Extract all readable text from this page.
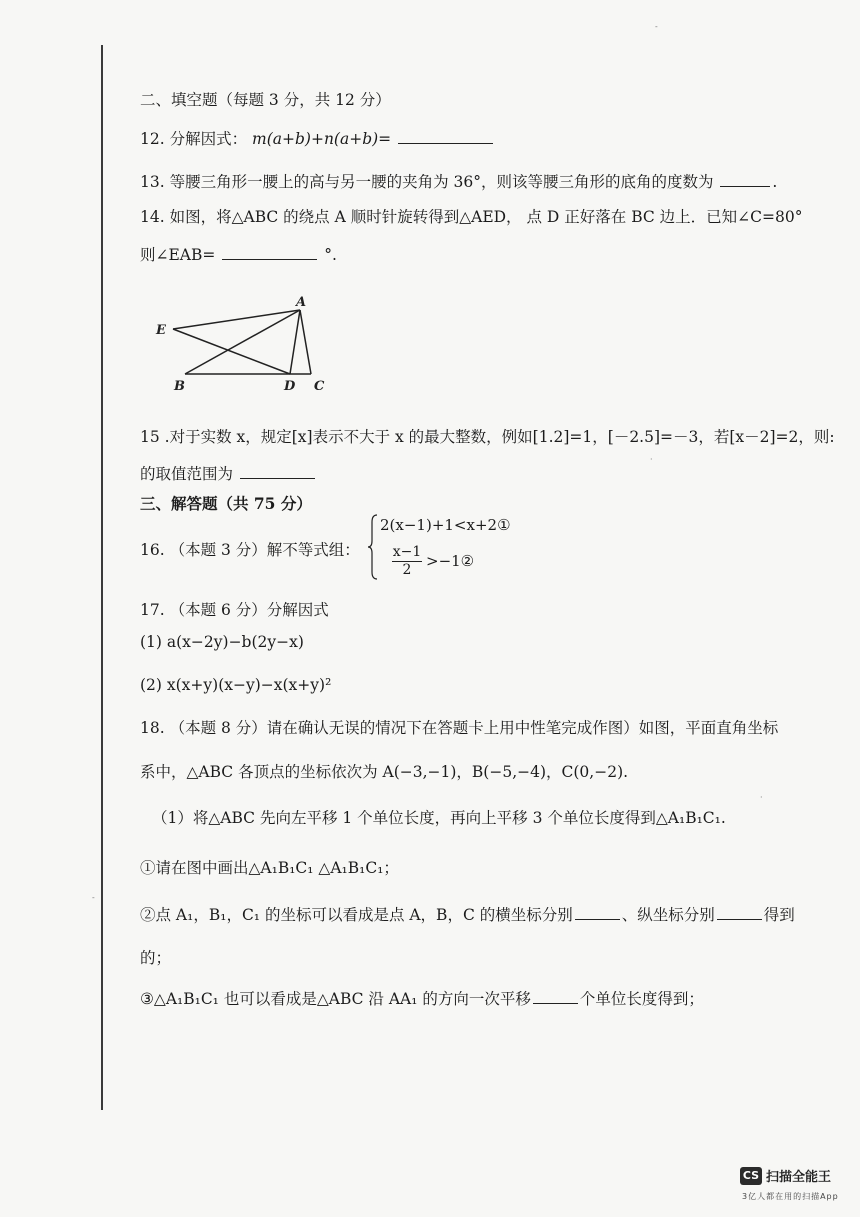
二、填空题（每题 3 分，共 12 分）
12. 分解因式： m(a+b)+n(a+b)=
13. 等腰三角形一腰上的高与另一腰的夹角为 36°，则该等腰三角形的底角的度数为	.
14. 如图，将△ABC 的绕点 A 顺时针旋转得到△AED， 点 D 正好落在 BC 边上．已知∠C=80°
则∠EAB=	°.
A
E
B	D C
15 .对于实数 x，规定[x]表示不大于 x 的最大整数，例如[1.2]=1，[－2.5]=－3，若[x－2]=2，则:
的取值范围为
三、解答题（共 75 分）
16. （本题 3 分）解不等式组：
2(x−1)+1<x+2①
$\frac{x-1}{2}$ >−1②
17. （本题 6 分）分解因式
(1) a(x−2y)−b(2y−x)
(2) x(x+y)(x−y)−x(x+y)²
18. （本题 8 分）请在确认无误的情况下在答题卡上用中性笔完成作图）如图，平面直角坐标
系中，△ABC 各顶点的坐标依次为 A(−3,−1)，B(−5,−4)，C(0,−2).
（1）将△ABC 先向左平移 1 个单位长度，再向上平移 3 个单位长度得到△A₁B₁C₁.
①请在图中画出△A₁B₁C₁ △A₁B₁C₁；
②点 A₁，B₁，C₁ 的坐标可以看成是点 A，B，C 的横坐标分别	、纵坐标分别	得到
的；
③△A₁B₁C₁ 也可以看成是△ABC 沿 AA₁ 的方向一次平移	个单位长度得到；
-
·
·
-
CS 扫描全能王
3亿人都在用的扫描App
